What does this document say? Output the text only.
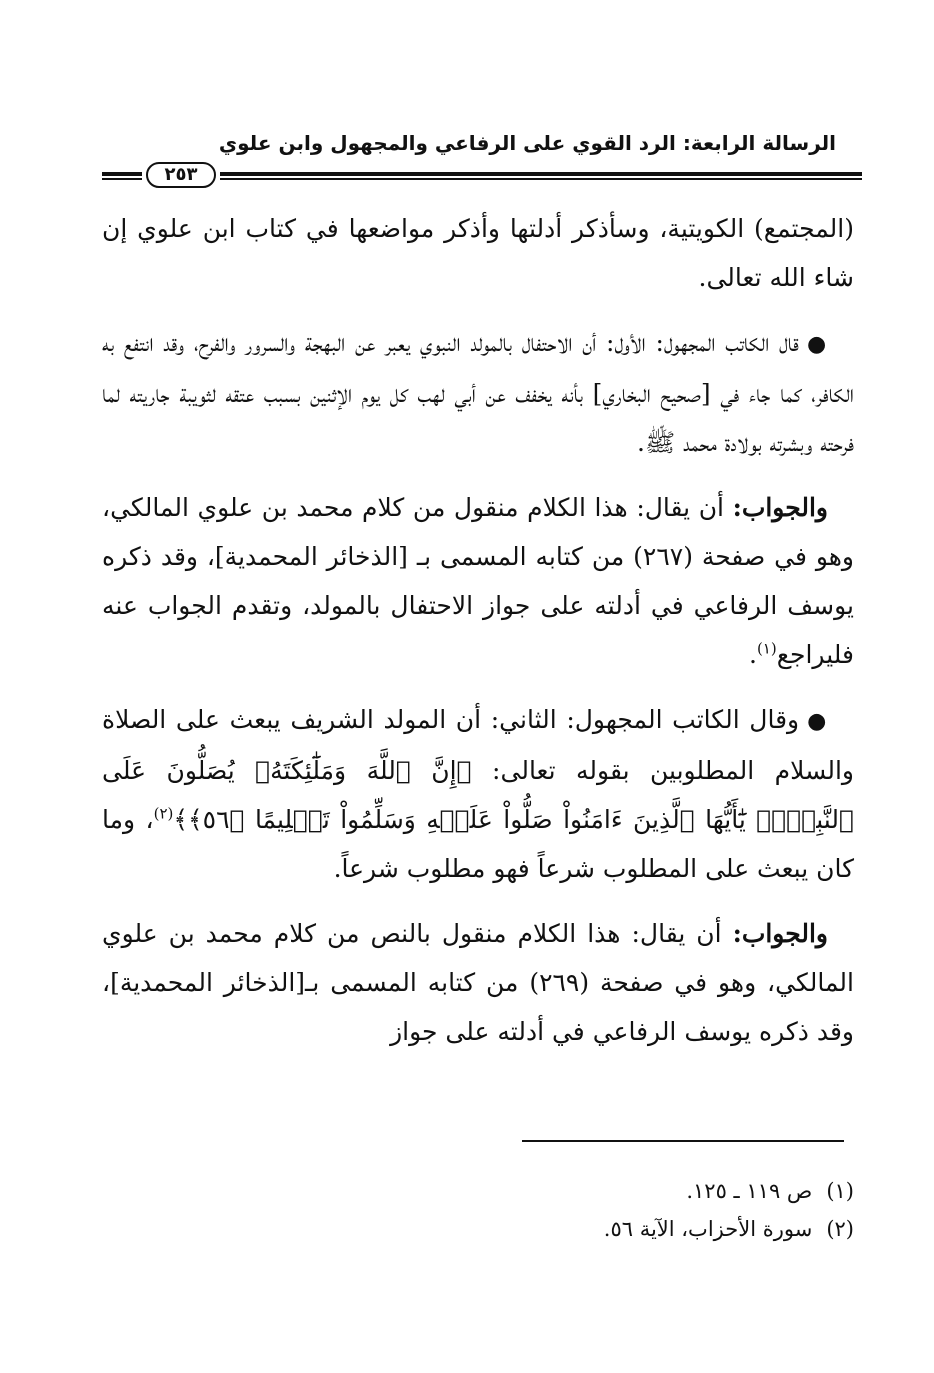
الرسالة الرابعة: الرد القوي على الرفاعي والمجهول وابن علوي
٢٥٣

(المجتمع) الكويتية، وسأذكر أدلتها وأذكر مواضعها في كتاب ابن علوي إن شاء الله تعالى.

●قال الكاتب المجهول: الأول: أن الاحتفال بالمولد النبوي يعبر عن البهجة والسرور والفرح، وقد انتفع به الكافر، كما جاء في [صحيح البخاري] بأنه يخفف عن أبي لهب كل يوم الإثنين بسبب عتقه لثويبة جاريته لما فرحته وبشرته بولادة محمد ﷺ.

والجواب: أن يقال: هذا الكلام منقول من كلام محمد بن علوي المالكي، وهو في صفحة (٢٦٧) من كتابه المسمى بـ [الذخائر المحمدية]، وقد ذكره يوسف الرفاعي في أدلته على جواز الاحتفال بالمولد، وتقدم الجواب عنه فليراجع$^{(١)}$.

●وقال الكاتب المجهول: الثاني: أن المولد الشريف يبعث على الصلاة والسلام المطلوبين بقوله تعالى: ﴿إِنَّ ٱللَّهَ وَمَلَٰٓئِكَتَهُۥ يُصَلُّونَ عَلَى ٱلنَّبِيِّۚ يَٰٓأَيُّهَا ٱلَّذِينَ ءَامَنُواْ صَلُّواْ عَلَيۡهِ وَسَلِّمُواْ تَسۡلِيمًا ﴿٥٦﴾﴾$^{(٢)}$، وما كان يبعث على المطلوب شرعاً فهو مطلوب شرعاً.

والجواب: أن يقال: هذا الكلام منقول بالنص من كلام محمد بن علوي المالكي، وهو في صفحة (٢٦٩) من كتابه المسمى بـ[الذخائر المحمدية]، وقد ذكره يوسف الرفاعي في أدلته على جواز

(١)ص ١١٩ ـ ١٢٥.
(٢)سورة الأحزاب، الآية ٥٦.
